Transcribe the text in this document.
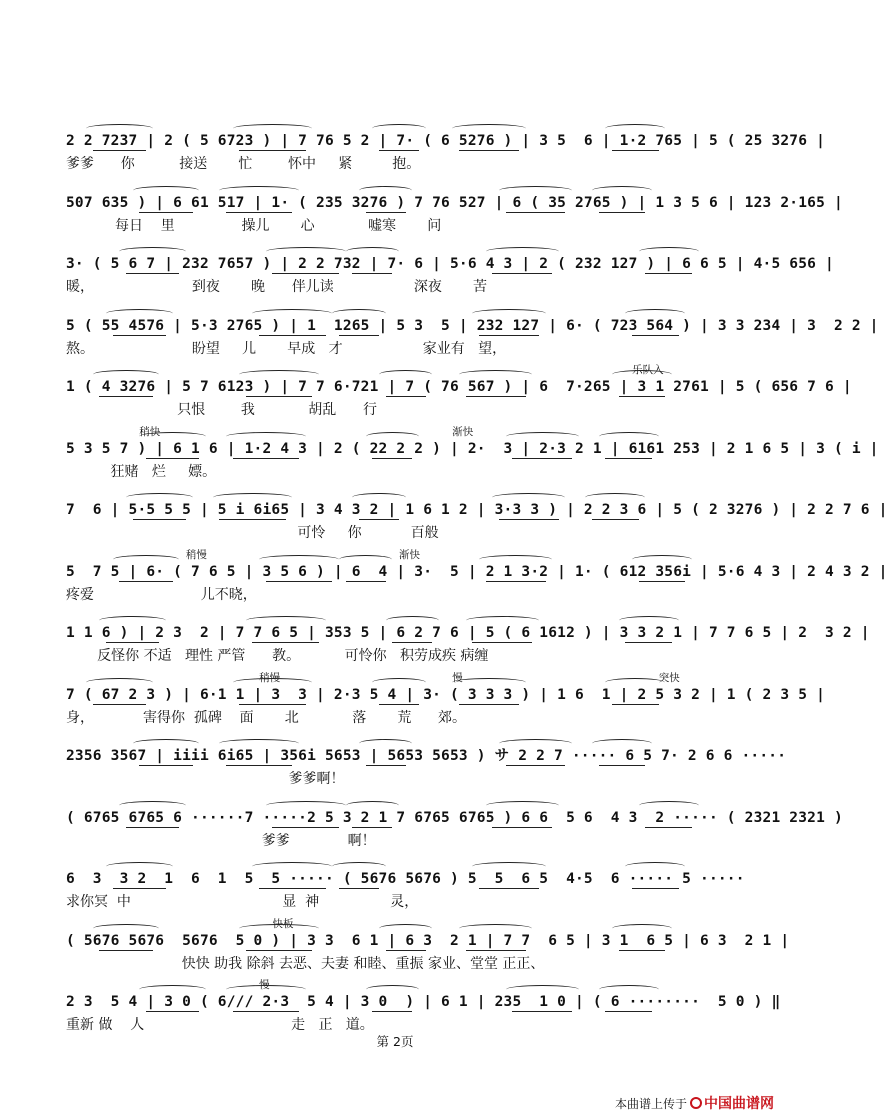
2 2 7237 | 2 ( 5 6723 ) | 7 76 5 2 | 7· ( 6 5276 ) | 3 5  6 | 1·2 765 | 5 ( 25 3276 |
爹爹      你          接送       忙        怀中     紧         抱。
507 635 ) | 6 61 517 | 1· ( 235 3276 ) 7 76 527 | 6 ( 35 2765 ) | 1 3 5 6 | 123 2·165 |
每日    里               操儿       心            嘘寒       问
3· ( 5 6 7 | 232 7657 ) | 2 2 732 | 7· 6 | 5·6 4 3 | 2 ( 232 127 ) | 6 6 5 | 4·5 656 |
暖，                      到夜       晚      伴儿读                  深夜       苦
5 ( 55 4576 | 5·3 2765 ) | 1  1265 | 5 3  5 | 232 127 | 6· ( 723 564 ) | 3 3 234 | 3  2 2 |
熬。                      盼望     儿       早成   才                  家业有   望，
乐队入
1 ( 4 3276 | 5 7 6123 ) | 7 7 6·721 | 7 ( 76 567 ) | 6  7·265 | 3 1 2761 | 5 ( 656 7 6 |
只恨        我            胡乱      行
稍快	渐快
5 3 5 7 ) | 6 1 6 | 1·2 4 3 | 2 ( 22 2 2 ) | 2·  3 | 2·3 2 1 | 6161 253 | 2 1 6 5 | 3 ( i |
狂赌   烂     嫖。
7  6 | 5·5 5 5 | 5 i 6i65 | 3 4 3 2 | 1 6 1 2 | 3·3 3 ) | 2 2 3 6 | 5 ( 2 3276 ) | 2 2 7 6 |
可怜     你           百般
稍慢	渐快
5  7 5 | 6· ( 7 6 5 | 3 5 6 ) | 6  4 | 3·  5 | 2 1 3·2 | 1· ( 612 356i | 5·6 4 3 | 2 4 3 2 |
疼爱                        儿不晓，
1 1 6 ) | 2 3  2 | 7 7 6 5 | 353 5 | 6 2 7 6 | 5 ( 6 1612 ) | 3 3 2 1 | 7 7 6 5 | 2  3 2 |
反怪你 不适   理性 严管      教。          可怜你   积劳成疾 病缠
稍慢	慢	突快
7 ( 67 2 3 ) | 6·1 1 | 3  3 | 2·3 5 4 | 3· ( 3 3 3 ) | 1 6  1 | 2 5 3 2 | 1 ( 2 3 5 |
身，           害得你  孤碑    面       北            落       荒      郊。
2356 3567 | iiii 6i65 | 356i 5653 | 5653 5653 ) サ 2 2 7 ····· 6 5 7· 2 6 6 ·····
爹爹啊！
( 6765 6765 6 ······7 ·····2 5 3 2 1 7 6765 6765 ) 6 6  5 6  4 3  2 ····· ( 2321 2321 )
爹爹             啊！
6  3  3 2  1  6  1  5  5 ····· ( 5676 5676 ) 5  5  6 5  4·5  6 ····· 5 ·····
求你冥  中                                  显  神                灵，
快板
( 5676 5676  5676  5 0 ) | 3 3  6 1 | 6 3  2 1 | 7 7  6 5 | 3 1  6 5 | 6 3  2 1 |
快快 助我 除斜 去恶、夫妻 和睦、重振 家业、堂堂 正正、
慢
2 3  5 4 | 3 0 ( 6/// 2·3  5 4 | 3 0  ) | 6 1 | 235  1 0 | ( 6 ········  5 0 ) ‖
重新 做    人                                 走   正   道。
第 2页
本曲谱上传于 中国曲谱网
